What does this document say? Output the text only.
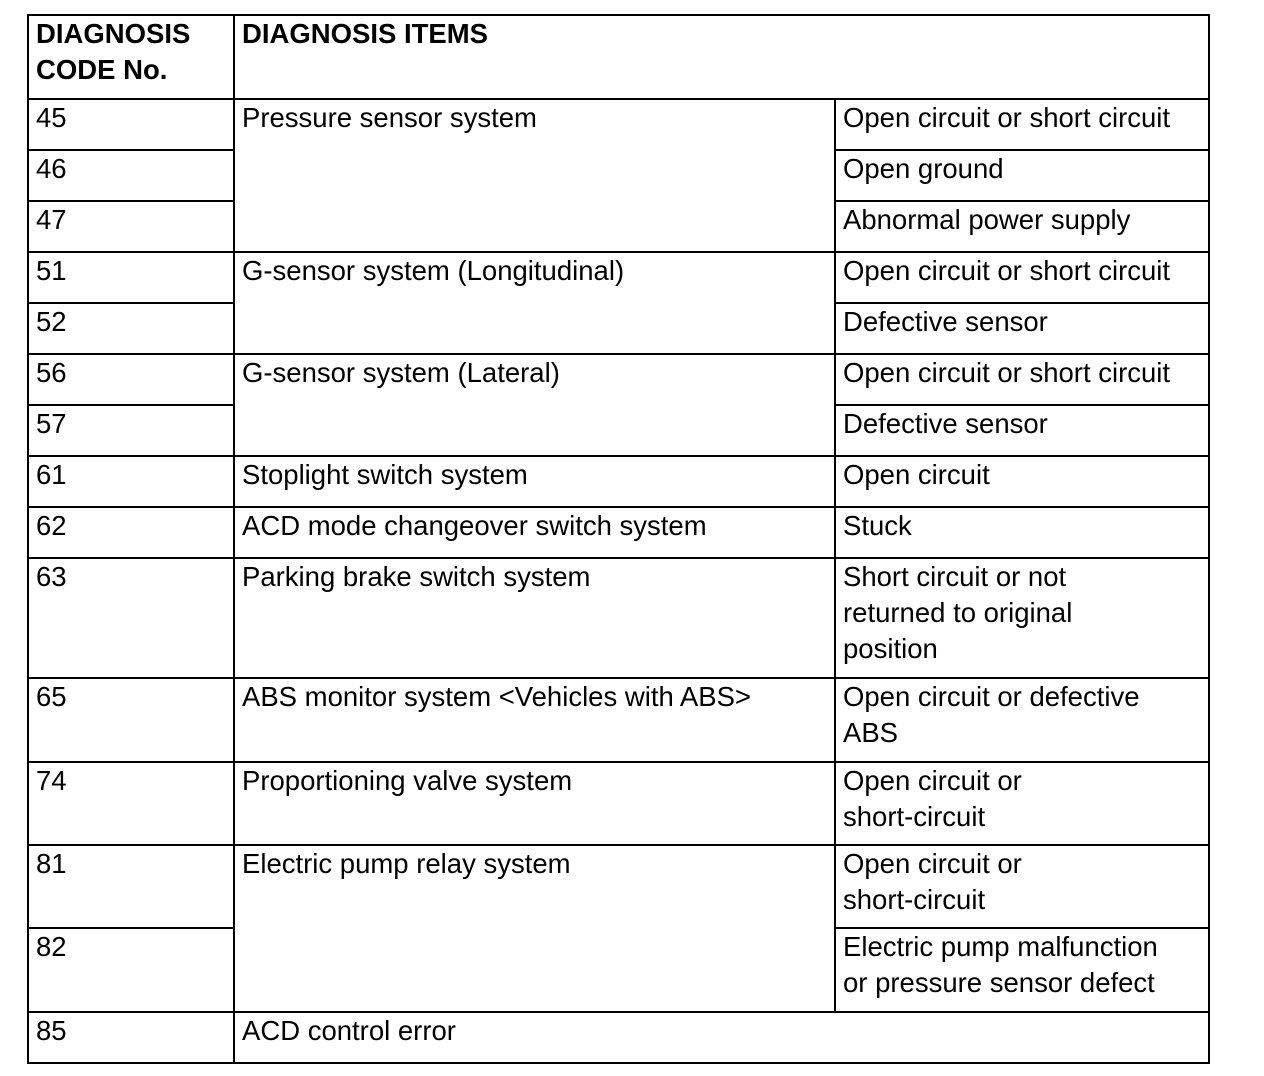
DIAGNOSIS
CODE No.	DIAGNOSIS ITEMS	
45	Pressure sensor system	Open circuit or short circuit
46		Open ground
47		Abnormal power supply
51	G-sensor system (Longitudinal)	Open circuit or short circuit
52		Defective sensor
56	G-sensor system (Lateral)	Open circuit or short circuit
57		Defective sensor
61	Stoplight switch system	Open circuit
62	ACD mode changeover switch system	Stuck
63	Parking brake switch system	Short circuit or not
returned to original
position
65	ABS monitor system <Vehicles with ABS>	Open circuit or defective
ABS
74	Proportioning valve system	Open circuit or
short-circuit
81	Electric pump relay system	Open circuit or
short-circuit
82		Electric pump malfunction
or pressure sensor defect
85	ACD control error	
